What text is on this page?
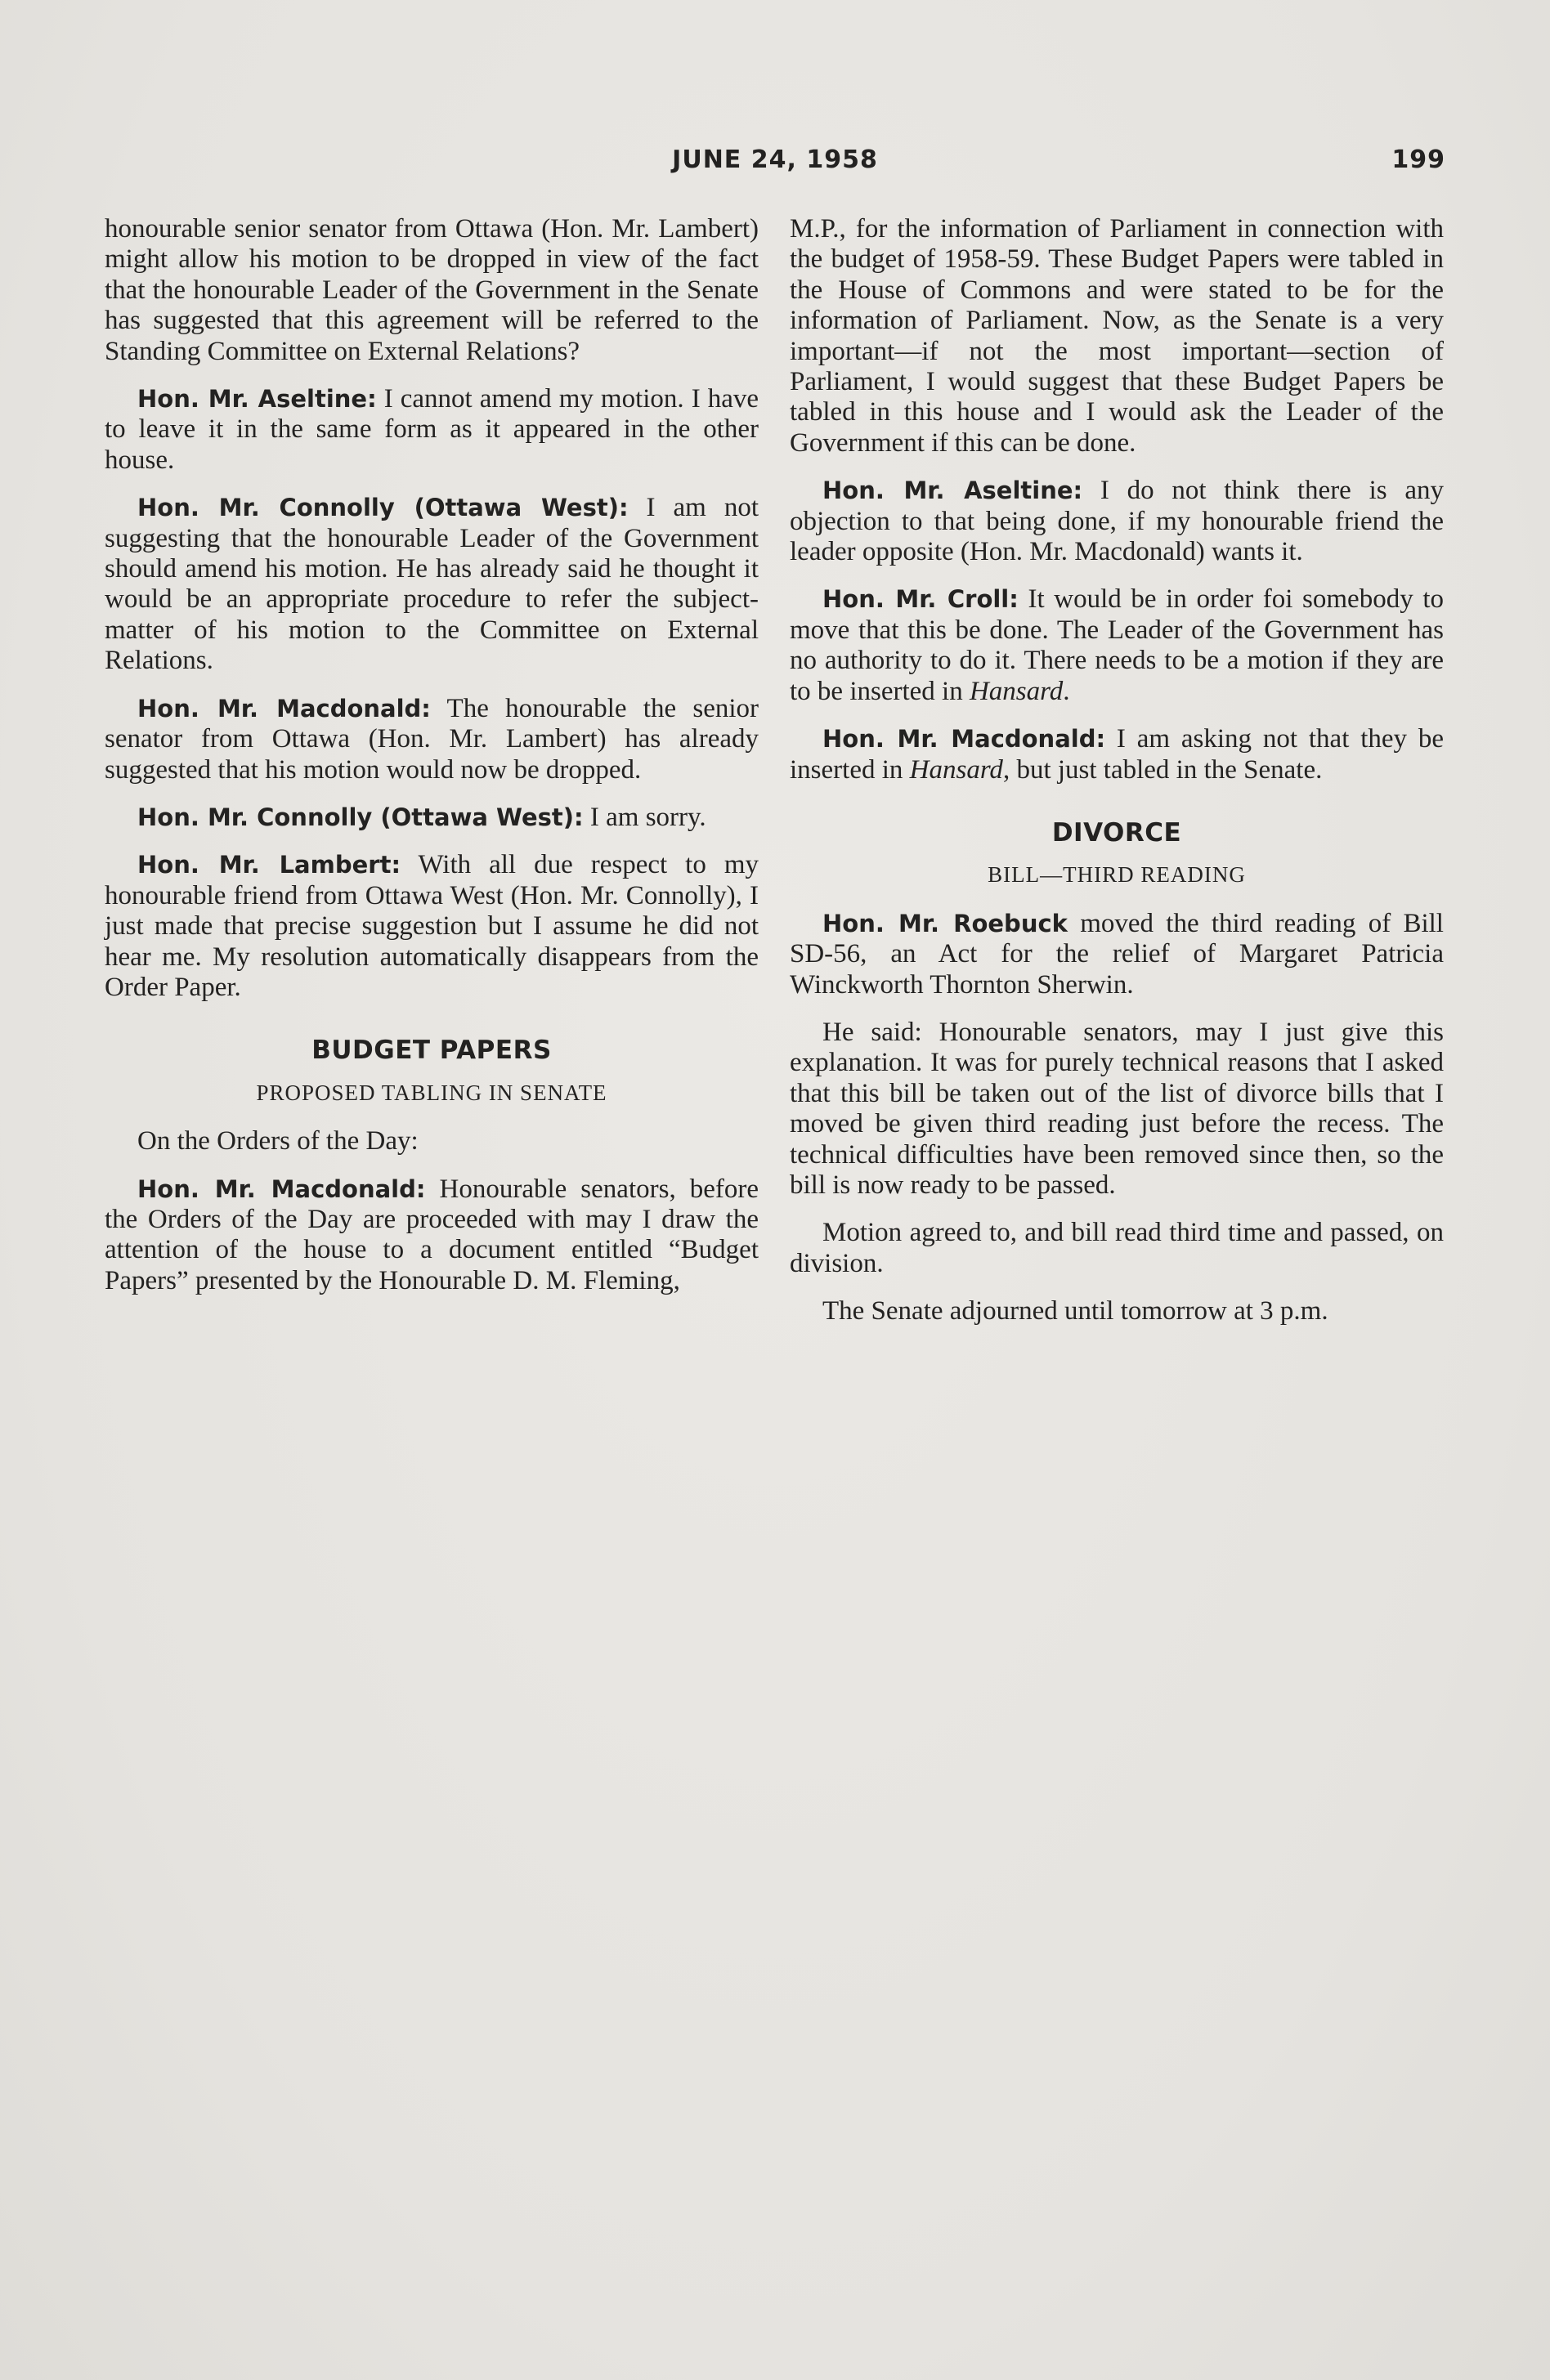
JUNE 24, 1958	199

honourable senior senator from Ottawa (Hon. Mr. Lambert) might allow his motion to be dropped in view of the fact that the honourable Leader of the Government in the Senate has suggested that this agreement will be referred to the Standing Committee on External Relations?

Hon. Mr. Aseltine: I cannot amend my motion. I have to leave it in the same form as it appeared in the other house.

Hon. Mr. Connolly (Ottawa West): I am not suggesting that the honourable Leader of the Government should amend his motion. He has already said he thought it would be an appropriate procedure to refer the subject-matter of his motion to the Committee on External Relations.

Hon. Mr. Macdonald: The honourable the senior senator from Ottawa (Hon. Mr. Lambert) has already suggested that his motion would now be dropped.

Hon. Mr. Connolly (Ottawa West): I am sorry.

Hon. Mr. Lambert: With all due respect to my honourable friend from Ottawa West (Hon. Mr. Connolly), I just made that precise suggestion but I assume he did not hear me. My resolution automatically disappears from the Order Paper.

BUDGET PAPERS
PROPOSED TABLING IN SENATE

On the Orders of the Day:

Hon. Mr. Macdonald: Honourable senators, before the Orders of the Day are proceeded with may I draw the attention of the house to a document entitled “Budget Papers” presented by the Honourable D. M. Fleming,

M.P., for the information of Parliament in connection with the budget of 1958-59. These Budget Papers were tabled in the House of Commons and were stated to be for the information of Parliament. Now, as the Senate is a very important—if not the most important—section of Parliament, I would suggest that these Budget Papers be tabled in this house and I would ask the Leader of the Government if this can be done.

Hon. Mr. Aseltine: I do not think there is any objection to that being done, if my honourable friend the leader opposite (Hon. Mr. Macdonald) wants it.

Hon. Mr. Croll: It would be in order foi somebody to move that this be done. The Leader of the Government has no authority to do it. There needs to be a motion if they are to be inserted in Hansard.

Hon. Mr. Macdonald: I am asking not that they be inserted in Hansard, but just tabled in the Senate.

DIVORCE
BILL—THIRD READING

Hon. Mr. Roebuck moved the third reading of Bill SD-56, an Act for the relief of Margaret Patricia Winckworth Thornton Sherwin.

He said: Honourable senators, may I just give this explanation. It was for purely technical reasons that I asked that this bill be taken out of the list of divorce bills that I moved be given third reading just before the recess. The technical difficulties have been removed since then, so the bill is now ready to be passed.

Motion agreed to, and bill read third time and passed, on division.

The Senate adjourned until tomorrow at 3 p.m.
